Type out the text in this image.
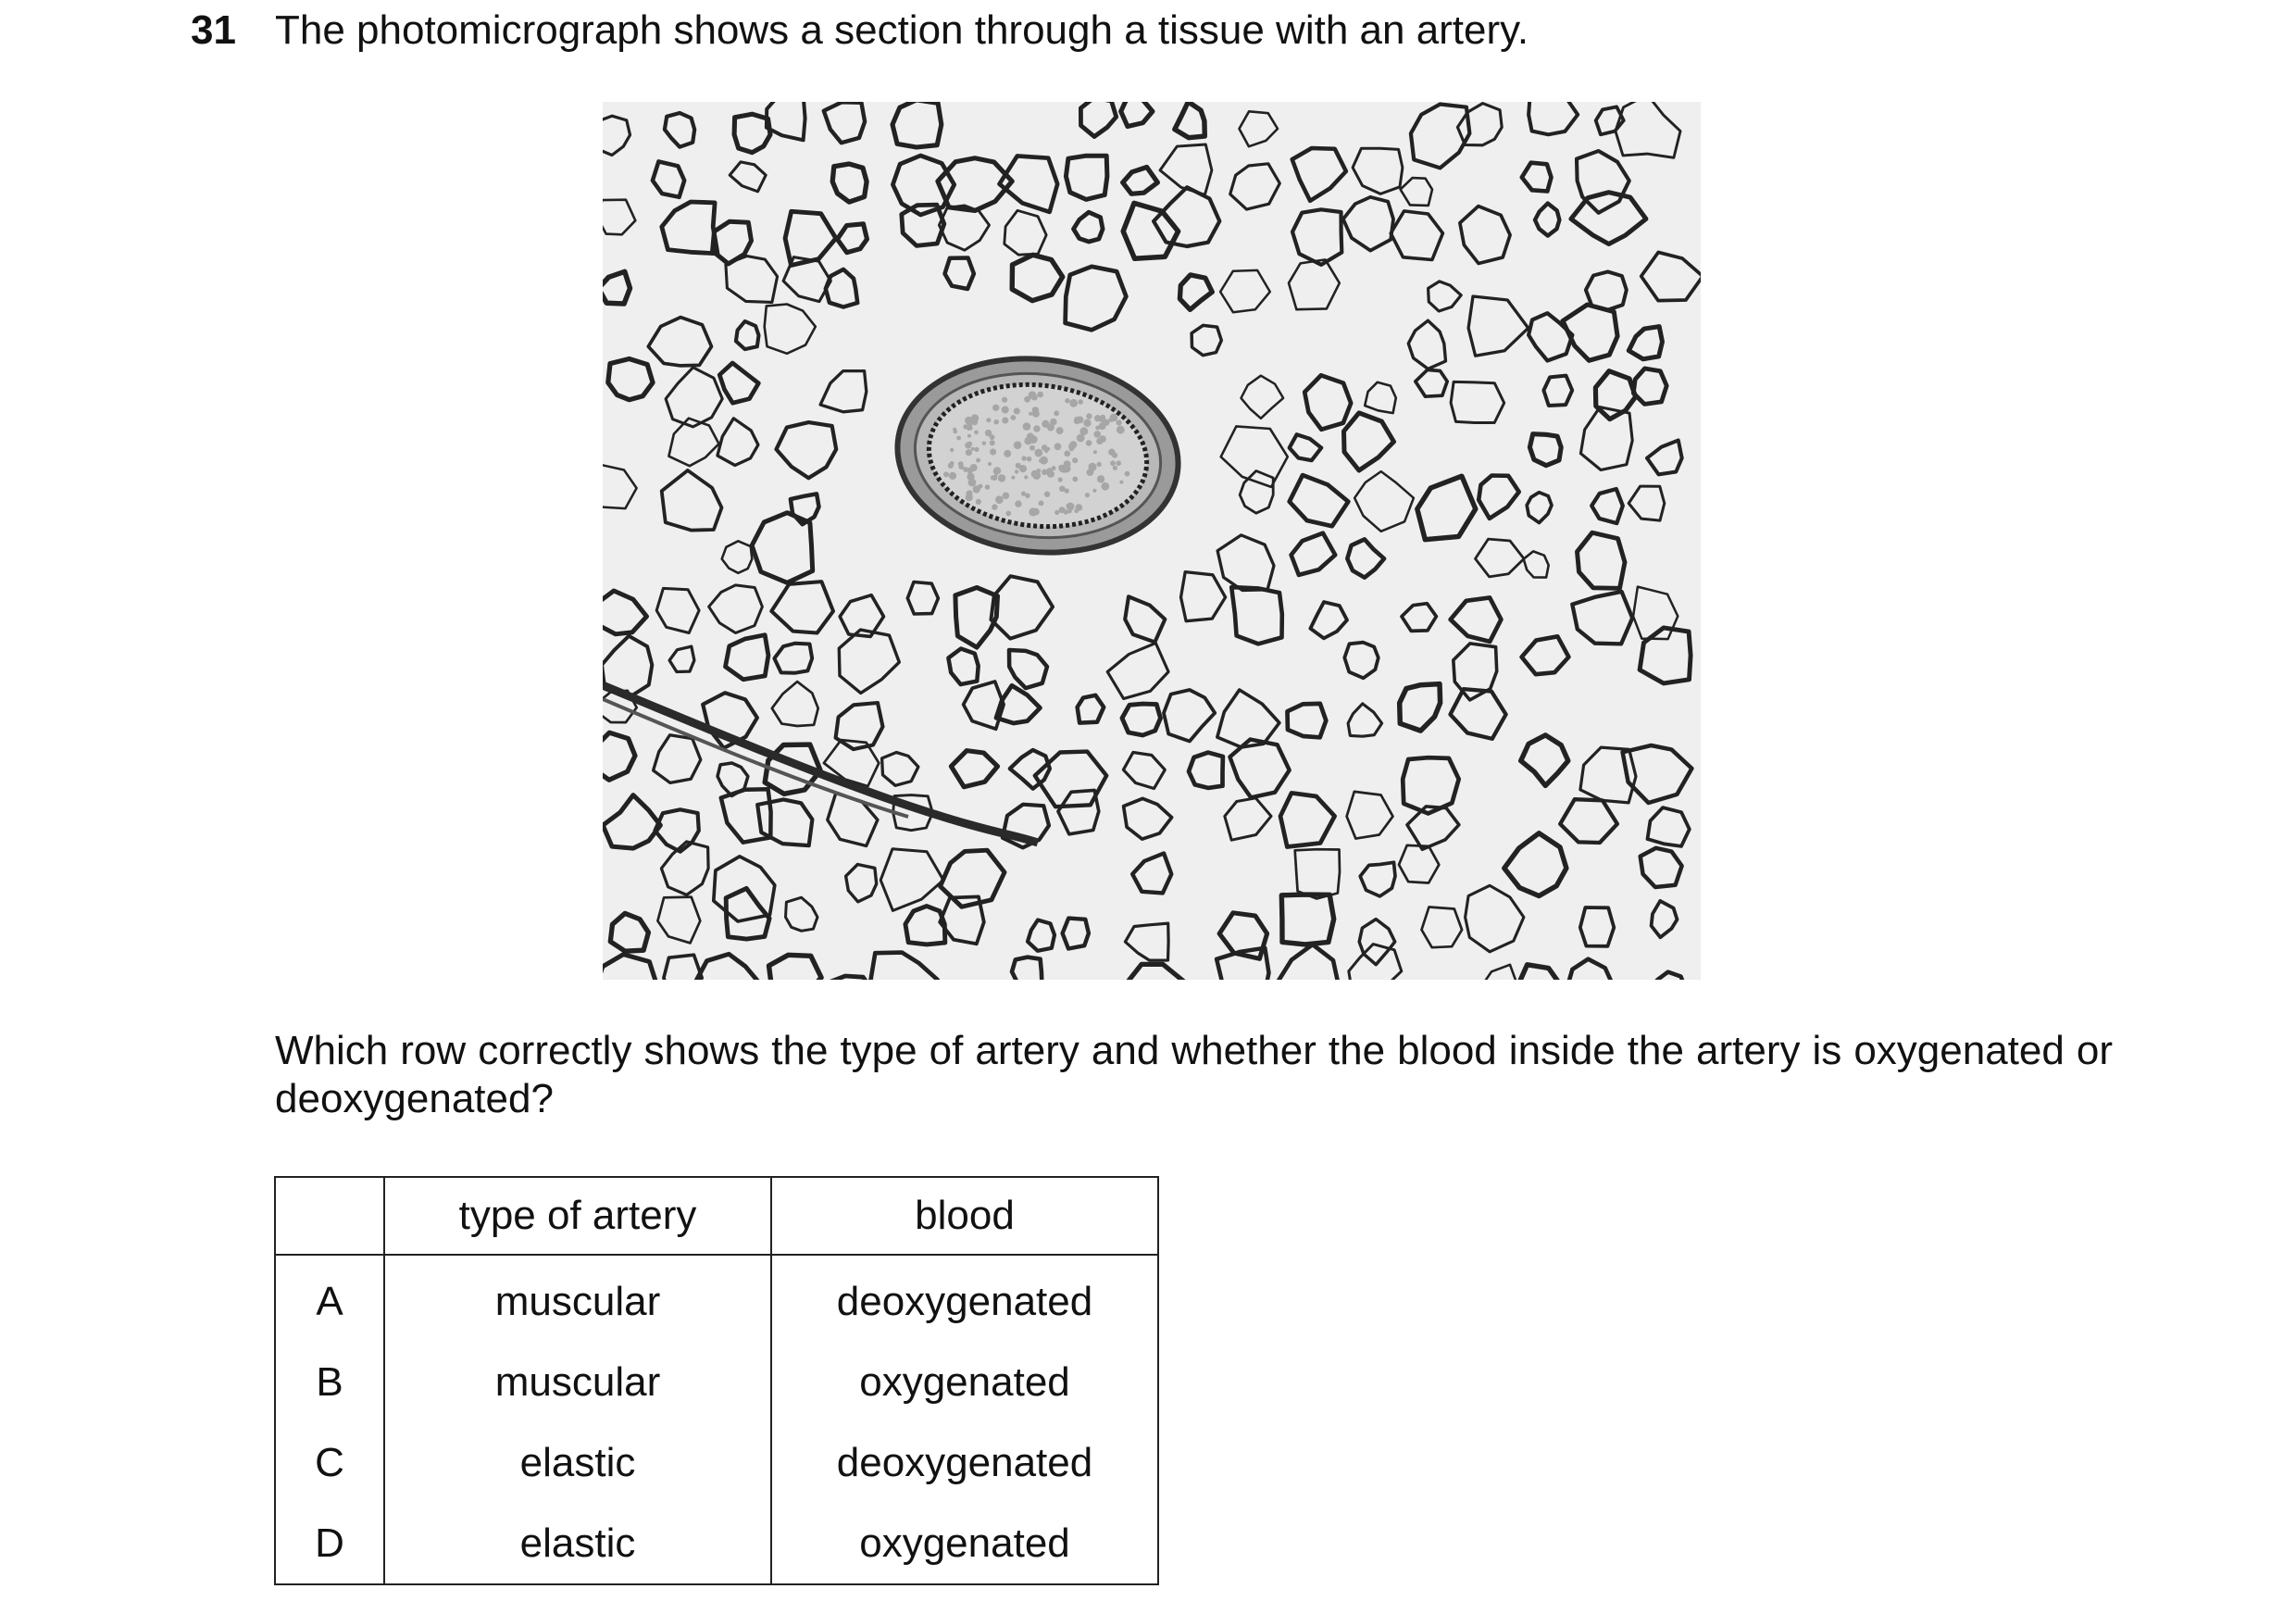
31 The photomicrograph shows a section through a tissue with an artery.
Which row correctly shows the type of artery and whether the blood inside the artery is oxygenated or deoxygenated?
	type of artery	blood
A	muscular	deoxygenated
B	muscular	oxygenated
C	elastic	deoxygenated
D	elastic	oxygenated
